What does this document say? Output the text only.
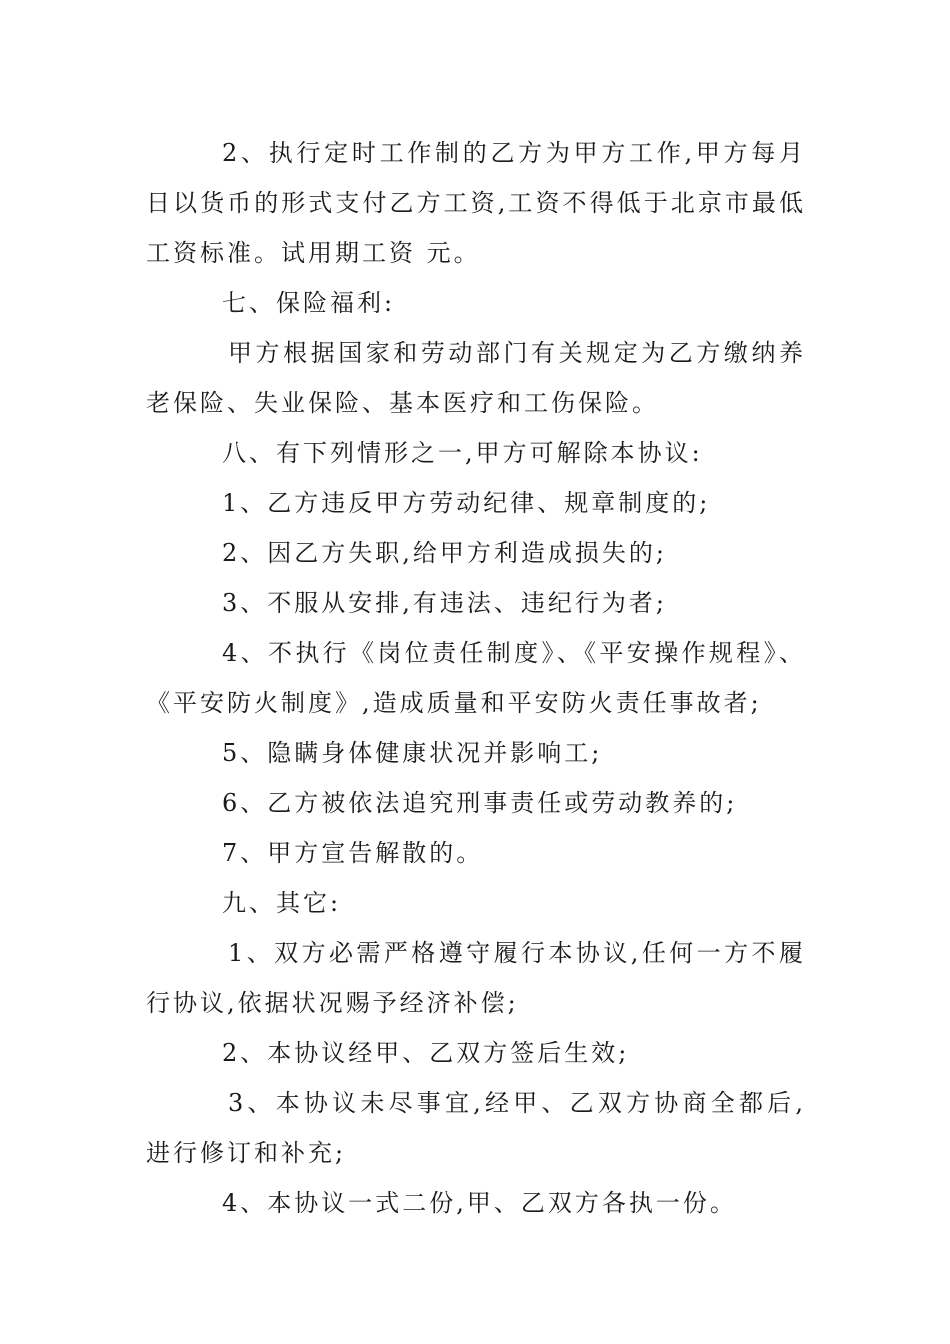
2、执行定时工作制的乙方为甲方工作,甲方每月 日以货币的形式支付乙方工资,工资不得低于北京市最低工资标准。试用期工资 元。

七、保险福利:

甲方根据国家和劳动部门有关规定为乙方缴纳养老保险、失业保险、基本医疗和工伤保险。

八、有下列情形之一,甲方可解除本协议:

1、乙方违反甲方劳动纪律、规章制度的;

2、因乙方失职,给甲方利造成损失的;

3、不服从安排,有违法、违纪行为者;

4、不执行《岗位责任制度》、《平安操作规程》、《平安防火制度》,造成质量和平安防火责任事故者;

5、隐瞒身体健康状况并影响工;

6、乙方被依法追究刑事责任或劳动教养的;

7、甲方宣告解散的。

九、其它:

1、双方必需严格遵守履行本协议,任何一方不履行协议,依据状况赐予经济补偿;

2、本协议经甲、乙双方签后生效;

3、本协议未尽事宜,经甲、乙双方协商全都后,进行修订和补充;

4、本协议一式二份,甲、乙双方各执一份。
